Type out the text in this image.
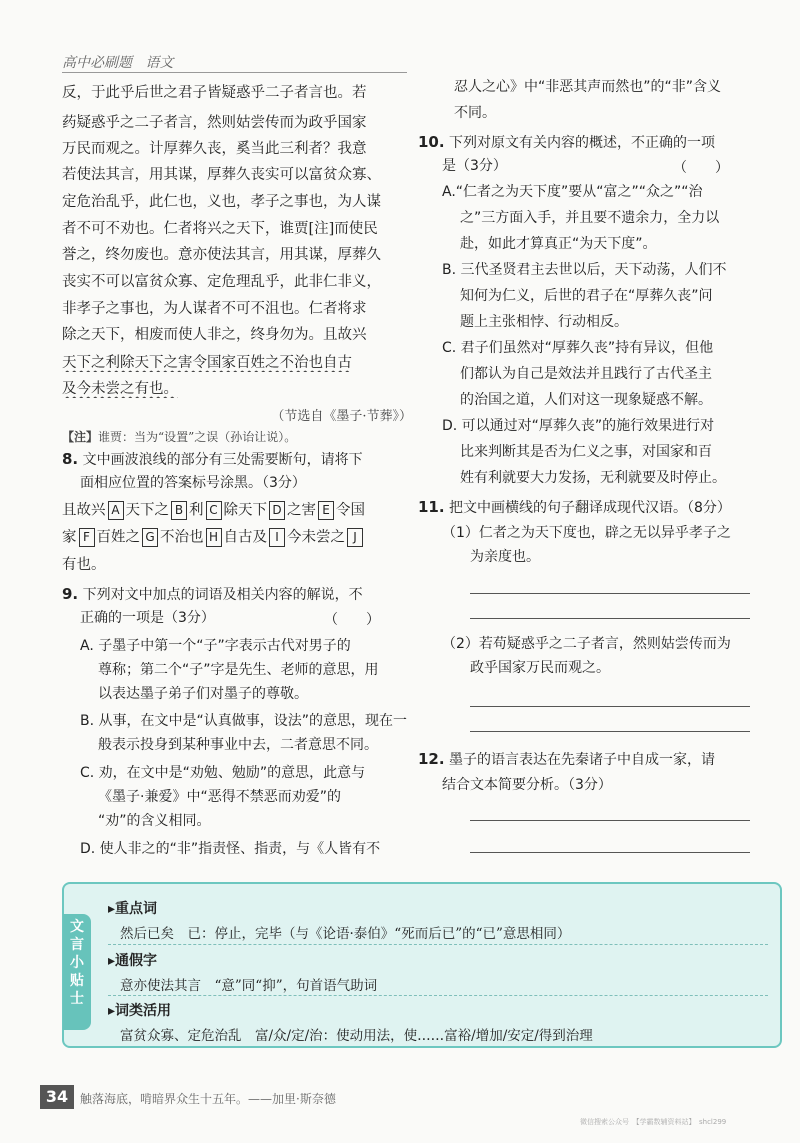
高中必刷题 语文
反，于此乎后世之君子皆疑惑乎二子者言也。若
药疑惑乎之二子者言，然则姑尝传而为政乎国家
万民而观之。计厚葬久丧，奚当此三利者？我意
若使法其言，用其谋，厚葬久丧实可以富贫众寡、
定危治乱乎，此仁也，义也，孝子之事也，为人谋
者不可不劝也。仁者将兴之天下，谁贾[注]而使民
誉之，终勿废也。意亦使法其言，用其谋，厚葬久
丧实不可以富贫众寡、定危理乱乎，此非仁非义，
非孝子之事也，为人谋者不可不沮也。仁者将求
除之天下，相废而使人非之，终身勿为。且故兴
天下之利除天下之害令国家百姓之不治也自古
及今未尝之有也。
（节选自《墨子·节葬》）
【注】谁贾：当为“设置”之误（孙诒让说）。
8. 文中画波浪线的部分有三处需要断句，请将下
面相应位置的答案标号涂黑。（3分）
且故兴 A 天下之 B 利 C 除天下 D 之害 E 令国
家 F 百姓之 G 不治也 H 自古及 I 今未尝之 J
有也。
9. 下列对文中加点的词语及相关内容的解说，不
正确的一项是（3分）	（　　）
A. 子墨子中第一个“子”字表示古代对男子的
尊称；第二个“子”字是先生、老师的意思，用
以表达墨子弟子们对墨子的尊敬。
B. 从事，在文中是“认真做事，设法”的意思，现在一
般表示投身到某种事业中去，二者意思不同。
C. 劝，在文中是“劝勉、勉励”的意思，此意与
《墨子·兼爱》中“恶得不禁恶而劝爱”的
“劝”的含义相同。
D. 使人非之的“非”指责怪、指责，与《人皆有不
忍人之心》中“非恶其声而然也”的“非”含义
不同。
10. 下列对原文有关内容的概述，不正确的一项
是（3分）	（　　）
A.“仁者之为天下度”要从“富之”“众之”“治
之”三方面入手，并且要不遗余力，全力以
赴，如此才算真正“为天下度”。
B. 三代圣贤君主去世以后，天下动荡，人们不
知何为仁义，后世的君子在“厚葬久丧”问
题上主张相悖、行动相反。
C. 君子们虽然对“厚葬久丧”持有异议，但他
们都认为自己是效法并且践行了古代圣主
的治国之道，人们对这一现象疑惑不解。
D. 可以通过对“厚葬久丧”的施行效果进行对
比来判断其是否为仁义之事，对国家和百
姓有利就要大力发扬，无利就要及时停止。
11. 把文中画横线的句子翻译成现代汉语。（8分）
（1）仁者之为天下度也，辟之无以异乎孝子之
为亲度也。
（2）若苟疑惑乎之二子者言，然则姑尝传而为
政乎国家万民而观之。
12. 墨子的语言表达在先秦诸子中自成一家，请
结合文本简要分析。（3分）
文
言
小
贴
士
▸重点词
然后已矣　已：停止，完毕（与《论语·泰伯》“死而后已”的“已”意思相同）
▸通假字
意亦使法其言　“意”同“抑”，句首语气助词
▸词类活用
富贫众寡、定危治乱　富/众/定/治：使动用法，使……富裕/增加/安定/得到治理
34 触落海底，啃暗界众生十五年。——加里·斯奈德
微信搜索公众号　【学霸数辅资料站】　shcl299
